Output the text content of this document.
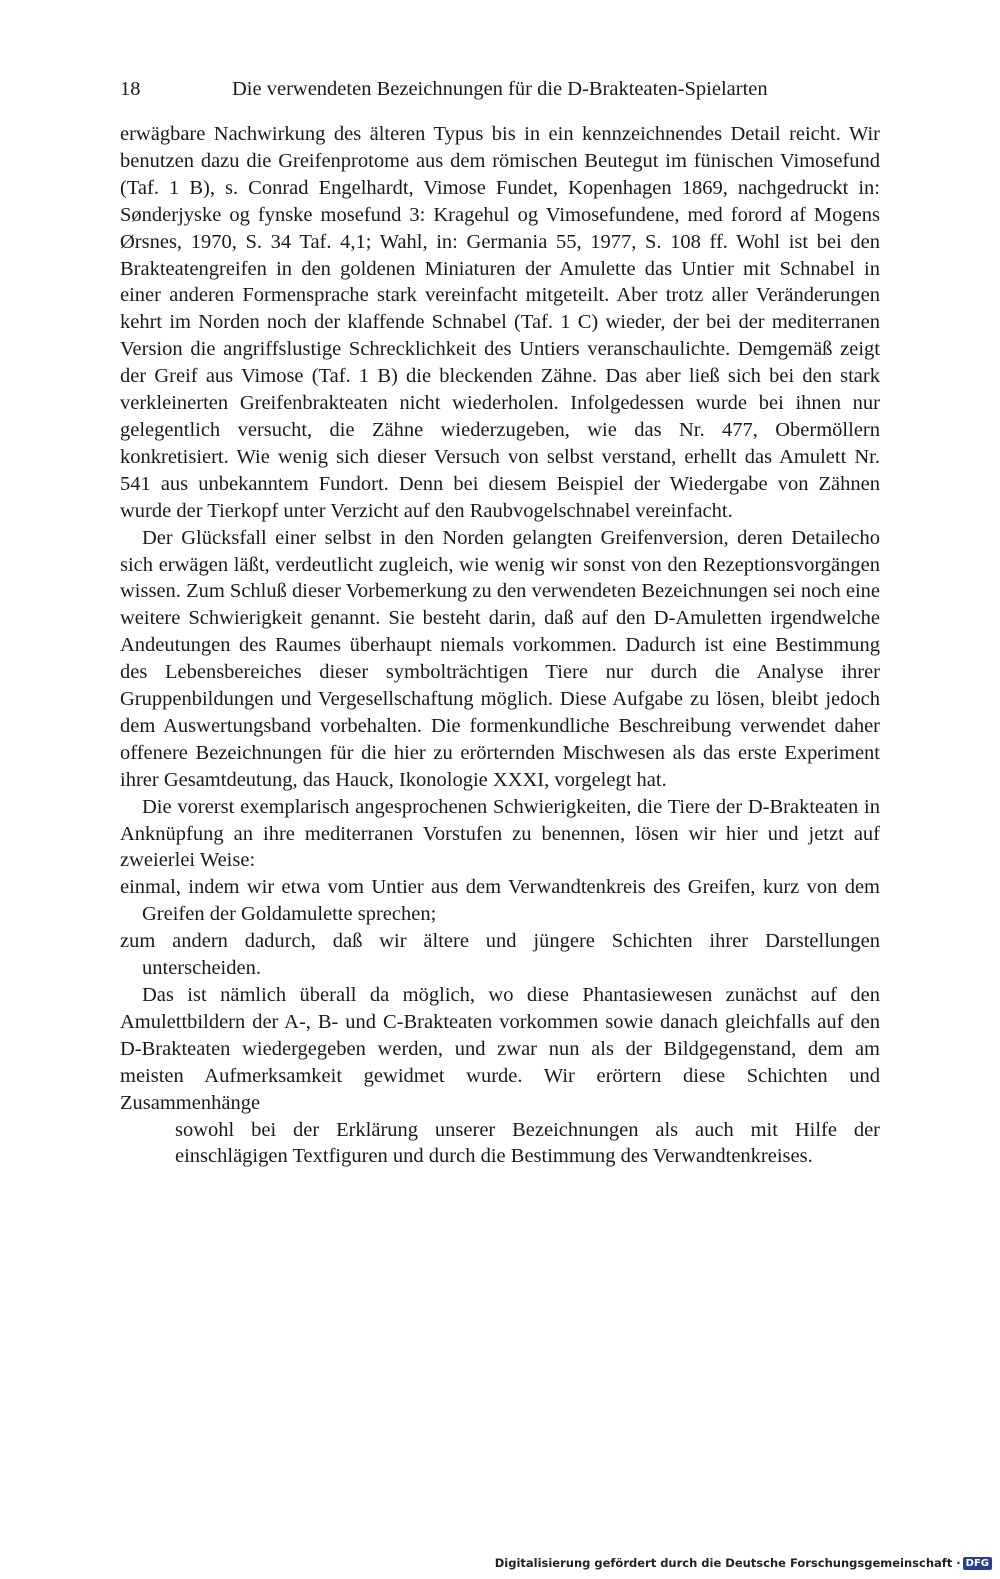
18	Die verwendeten Bezeichnungen für die D-Brakteaten-Spielarten

erwägbare Nachwirkung des älteren Typus bis in ein kennzeichnendes Detail reicht. Wir benutzen dazu die Greifenprotome aus dem römischen Beutegut im fünischen Vimosefund (Taf. 1 B), s. Conrad Engelhardt, Vimose Fundet, Kopenhagen 1869, nachgedruckt in: Sønderjyske og fynske mosefund 3: Kragehul og Vimosefundene, med forord af Mogens Ørsnes, 1970, S. 34 Taf. 4,1; Wahl, in: Germania 55, 1977, S. 108 ff. Wohl ist bei den Brakteatengreifen in den goldenen Miniaturen der Amulette das Untier mit Schnabel in einer anderen Formensprache stark vereinfacht mitgeteilt. Aber trotz aller Veränderungen kehrt im Norden noch der klaffende Schnabel (Taf. 1 C) wieder, der bei der mediterranen Version die angriffslustige Schrecklichkeit des Untiers veranschaulichte. Demgemäß zeigt der Greif aus Vimose (Taf. 1 B) die bleckenden Zähne. Das aber ließ sich bei den stark verkleinerten Greifenbrakteaten nicht wiederholen. Infolgedessen wurde bei ihnen nur gelegentlich versucht, die Zähne wiederzugeben, wie das Nr. 477, Obermöllern konkretisiert. Wie wenig sich dieser Versuch von selbst verstand, erhellt das Amulett Nr. 541 aus unbekanntem Fundort. Denn bei diesem Beispiel der Wiedergabe von Zähnen wurde der Tierkopf unter Verzicht auf den Raubvogelschnabel vereinfacht.

Der Glücksfall einer selbst in den Norden gelangten Greifenversion, deren Detailecho sich erwägen läßt, verdeutlicht zugleich, wie wenig wir sonst von den Rezeptionsvorgängen wissen. Zum Schluß dieser Vorbemerkung zu den verwendeten Bezeichnungen sei noch eine weitere Schwierigkeit genannt. Sie besteht darin, daß auf den D-Amuletten irgendwelche Andeutungen des Raumes überhaupt niemals vorkommen. Dadurch ist eine Bestimmung des Lebensbereiches dieser symbolträchtigen Tiere nur durch die Analyse ihrer Gruppenbildungen und Vergesellschaftung möglich. Diese Aufgabe zu lösen, bleibt jedoch dem Auswertungsband vorbehalten. Die formenkundliche Beschreibung verwendet daher offenere Bezeichnungen für die hier zu erörternden Mischwesen als das erste Experiment ihrer Gesamtdeutung, das Hauck, Ikonologie XXXI, vorgelegt hat.

Die vorerst exemplarisch angesprochenen Schwierigkeiten, die Tiere der D-Brakteaten in Anknüpfung an ihre mediterranen Vorstufen zu benennen, lösen wir hier und jetzt auf zweierlei Weise:

einmal, indem wir etwa vom Untier aus dem Verwandtenkreis des Greifen, kurz von dem Greifen der Goldamulette sprechen;

zum andern dadurch, daß wir ältere und jüngere Schichten ihrer Darstellungen unterscheiden.

Das ist nämlich überall da möglich, wo diese Phantasiewesen zunächst auf den Amulettbildern der A-, B- und C-Brakteaten vorkommen sowie danach gleichfalls auf den D-Brakteaten wiedergegeben werden, und zwar nun als der Bildgegenstand, dem am meisten Aufmerksamkeit gewidmet wurde. Wir erörtern diese Schichten und Zusammenhänge

sowohl bei der Erklärung unserer Bezeichnungen als auch mit Hilfe der einschlägigen Textfiguren und durch die Bestimmung des Verwandtenkreises.

Digitalisierung gefördert durch die Deutsche Forschungsgemeinschaft · DFG
